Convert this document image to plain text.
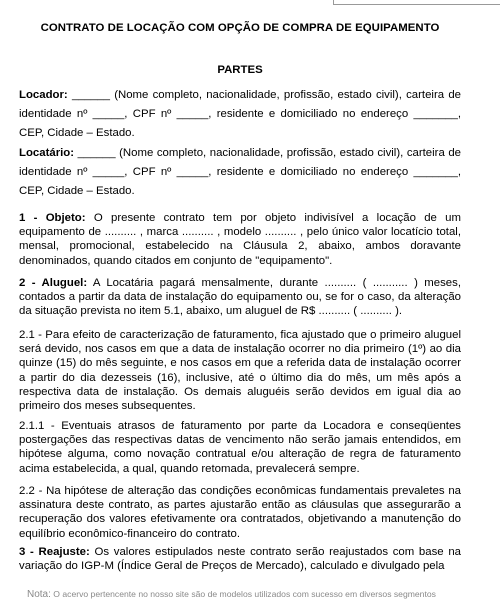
CONTRATO DE LOCAÇÃO COM OPÇÃO DE COMPRA DE EQUIPAMENTO
PARTES
Locador: ______ (Nome completo, nacionalidade, profissão, estado civil), carteira de identidade nº _____, CPF nº _____, residente e domiciliado no endereço _______, CEP, Cidade – Estado.
Locatário: ______ (Nome completo, nacionalidade, profissão, estado civil), carteira de identidade nº _____, CPF nº _____, residente e domiciliado no endereço _______, CEP, Cidade – Estado.
1 - Objeto: O presente contrato tem por objeto indivisível a locação de um equipamento de .......... , marca .......... , modelo .......... , pelo único valor locatício total, mensal, promocional, estabelecido na Cláusula 2, abaixo, ambos doravante denominados, quando citados em conjunto de "equipamento".
2 - Aluguel: A Locatária pagará mensalmente, durante .......... ( ........... ) meses, contados a partir da data de instalação do equipamento ou, se for o caso, da alteração da situação prevista no item 5.1, abaixo, um aluguel de R$ .......... ( .......... ).
2.1 - Para efeito de caracterização de faturamento, fica ajustado que o primeiro aluguel será devido, nos casos em que a data de instalação ocorrer no dia primeiro (1º) ao dia quinze (15) do mês seguinte, e nos casos em que a referida data de instalação ocorrer a partir do dia dezesseis (16), inclusive, até o último dia do mês, um mês após a respectiva data de instalação. Os demais aluguéis serão devidos em igual dia ao primeiro dos meses subsequentes.
2.1.1 - Eventuais atrasos de faturamento por parte da Locadora e conseqüentes postergações das respectivas datas de vencimento não serão jamais entendidos, em hipótese alguma, como novação contratual e/ou alteração de regra de faturamento acima estabelecida, a qual, quando retomada, prevalecerá sempre.
2.2 - Na hipótese de alteração das condições econômicas fundamentais prevaletes na assinatura deste contrato, as partes ajustarão então as cláusulas que assegurarão a recuperação dos valores efetivamente ora contratados, objetivando a manutenção do equilíbrio econômico-financeiro do contrato.
3 - Reajuste: Os valores estipulados neste contrato serão reajustados com base na variação do IGP-M (Índice Geral de Preços de Mercado), calculado e divulgado pela
Nota: O acervo pertencente no nosso site são de modelos utilizados com sucesso em diversos segmentos
